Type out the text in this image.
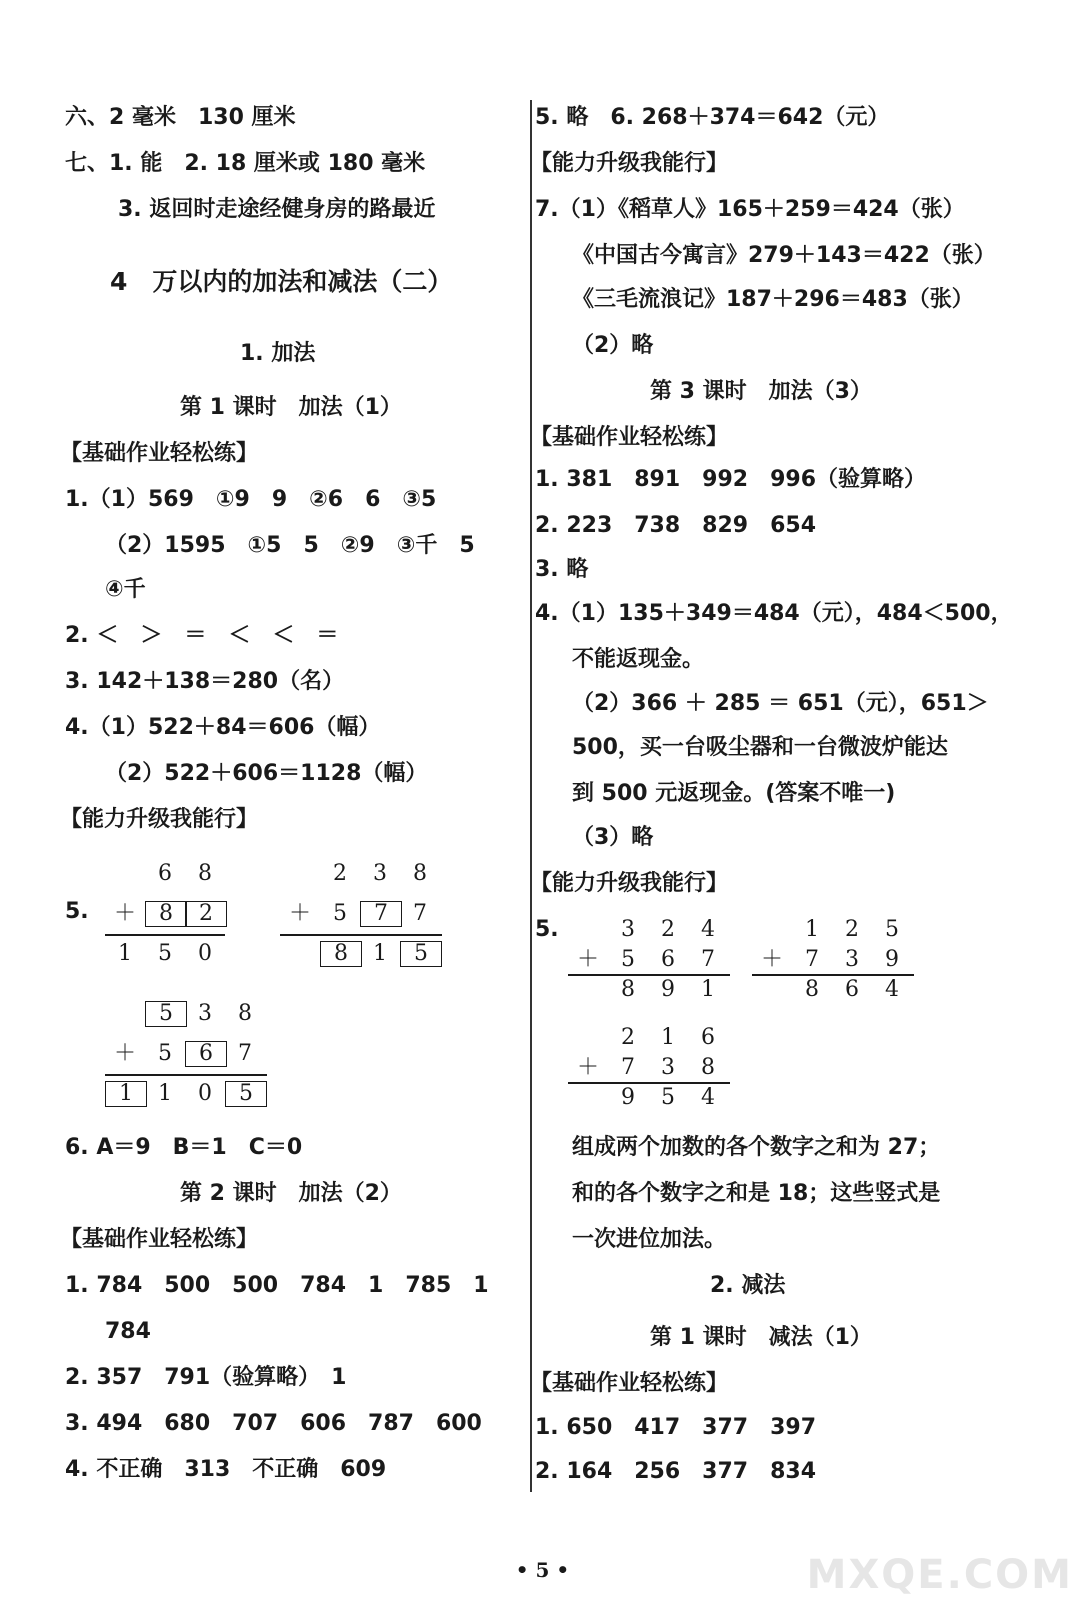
六、2 毫米　130 厘米
七、1. 能　2. 18 厘米或 180 毫米
3. 返回时走途经健身房的路最近
4　万以内的加法和减法（二）
1. 加法
第 1 课时　加法（1）
【基础作业轻松练】
1.（1）569　①9　9　②6　6　③5
（2）1595　①5　5　②9　③千　5
④千
2. ＜　＞　＝　＜　＜　＝
3. 142＋138＝280（名）
4.（1）522＋84＝606（幅）
（2）522＋606＝1128（幅）
【能力升级我能行】
5.
6 8
＋ 8 2
1 5 0
2 3 8
＋ 5 7 7
8 1 5
5 3 8
＋ 5 6 7
1 1 0 5
6. A＝9　B＝1　C＝0
第 2 课时　加法（2）
【基础作业轻松练】
1. 784　500　500　784　1　785　1
784
2. 357　791（验算略）　1
3. 494　680　707　606　787　600
4. 不正确　313　不正确　609
5. 略　6. 268＋374＝642（元）
【能力升级我能行】
7.（1）《稻草人》165＋259＝424（张）
《中国古今寓言》279＋143＝422（张）
《三毛流浪记》187＋296＝483（张）
（2）略
第 3 课时　加法（3）
【基础作业轻松练】
1. 381　891　992　996（验算略）
2. 223　738　829　654
3. 略
4.（1）135＋349＝484（元），484＜500，
不能返现金。
（2）366 ＋ 285 ＝ 651（元），651＞
500，买一台吸尘器和一台微波炉能达
到 500 元返现金。(答案不唯一)
（3）略
【能力升级我能行】
5.	3 2 4
＋ 5 6 7
8 9 1
1 2 5
＋ 7 3 9
8 6 4
2 1 6
＋ 7 3 8
9 5 4
组成两个加数的各个数字之和为 27；
和的各个数字之和是 18；这些竖式是
一次进位加法。
2. 减法
第 1 课时　减法（1）
【基础作业轻松练】
1. 650　417　377　397
2. 164　256　377　834
• 5 •	MXQE.COM
